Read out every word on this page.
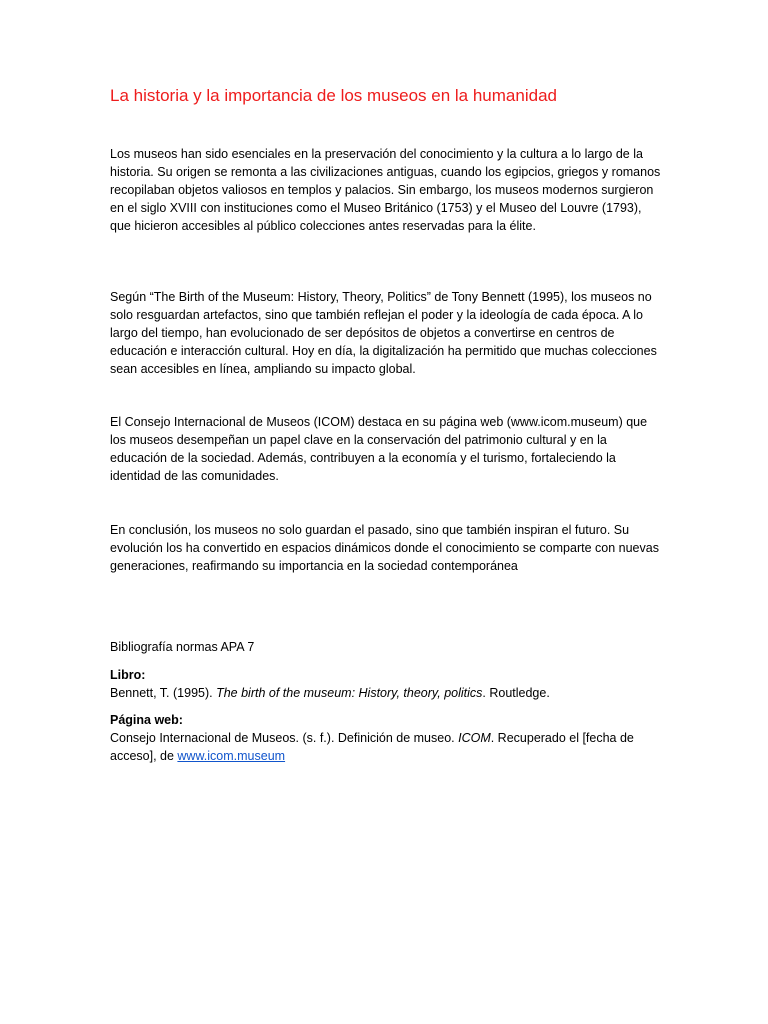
La historia y la importancia de los museos en la humanidad

Los museos han sido esenciales en la preservación del conocimiento y la cultura a lo largo de la historia. Su origen se remonta a las civilizaciones antiguas, cuando los egipcios, griegos y romanos recopilaban objetos valiosos en templos y palacios. Sin embargo, los museos modernos surgieron en el siglo XVIII con instituciones como el Museo Británico (1753) y el Museo del Louvre (1793), que hicieron accesibles al público colecciones antes reservadas para la élite.

Según “The Birth of the Museum: History, Theory, Politics” de Tony Bennett (1995), los museos no solo resguardan artefactos, sino que también reflejan el poder y la ideología de cada época. A lo largo del tiempo, han evolucionado de ser depósitos de objetos a convertirse en centros de educación e interacción cultural. Hoy en día, la digitalización ha permitido que muchas colecciones sean accesibles en línea, ampliando su impacto global.

El Consejo Internacional de Museos (ICOM) destaca en su página web (www.icom.museum) que los museos desempeñan un papel clave en la conservación del patrimonio cultural y en la educación de la sociedad. Además, contribuyen a la economía y el turismo, fortaleciendo la identidad de las comunidades.

En conclusión, los museos no solo guardan el pasado, sino que también inspiran el futuro. Su evolución los ha convertido en espacios dinámicos donde el conocimiento se comparte con nuevas generaciones, reafirmando su importancia en la sociedad contemporánea

Bibliografía normas APA 7
Libro:
Bennett, T. (1995). The birth of the museum: History, theory, politics. Routledge.
Página web:
Consejo Internacional de Museos. (s. f.). Definición de museo. ICOM. Recuperado el [fecha de acceso], de www.icom.museum
